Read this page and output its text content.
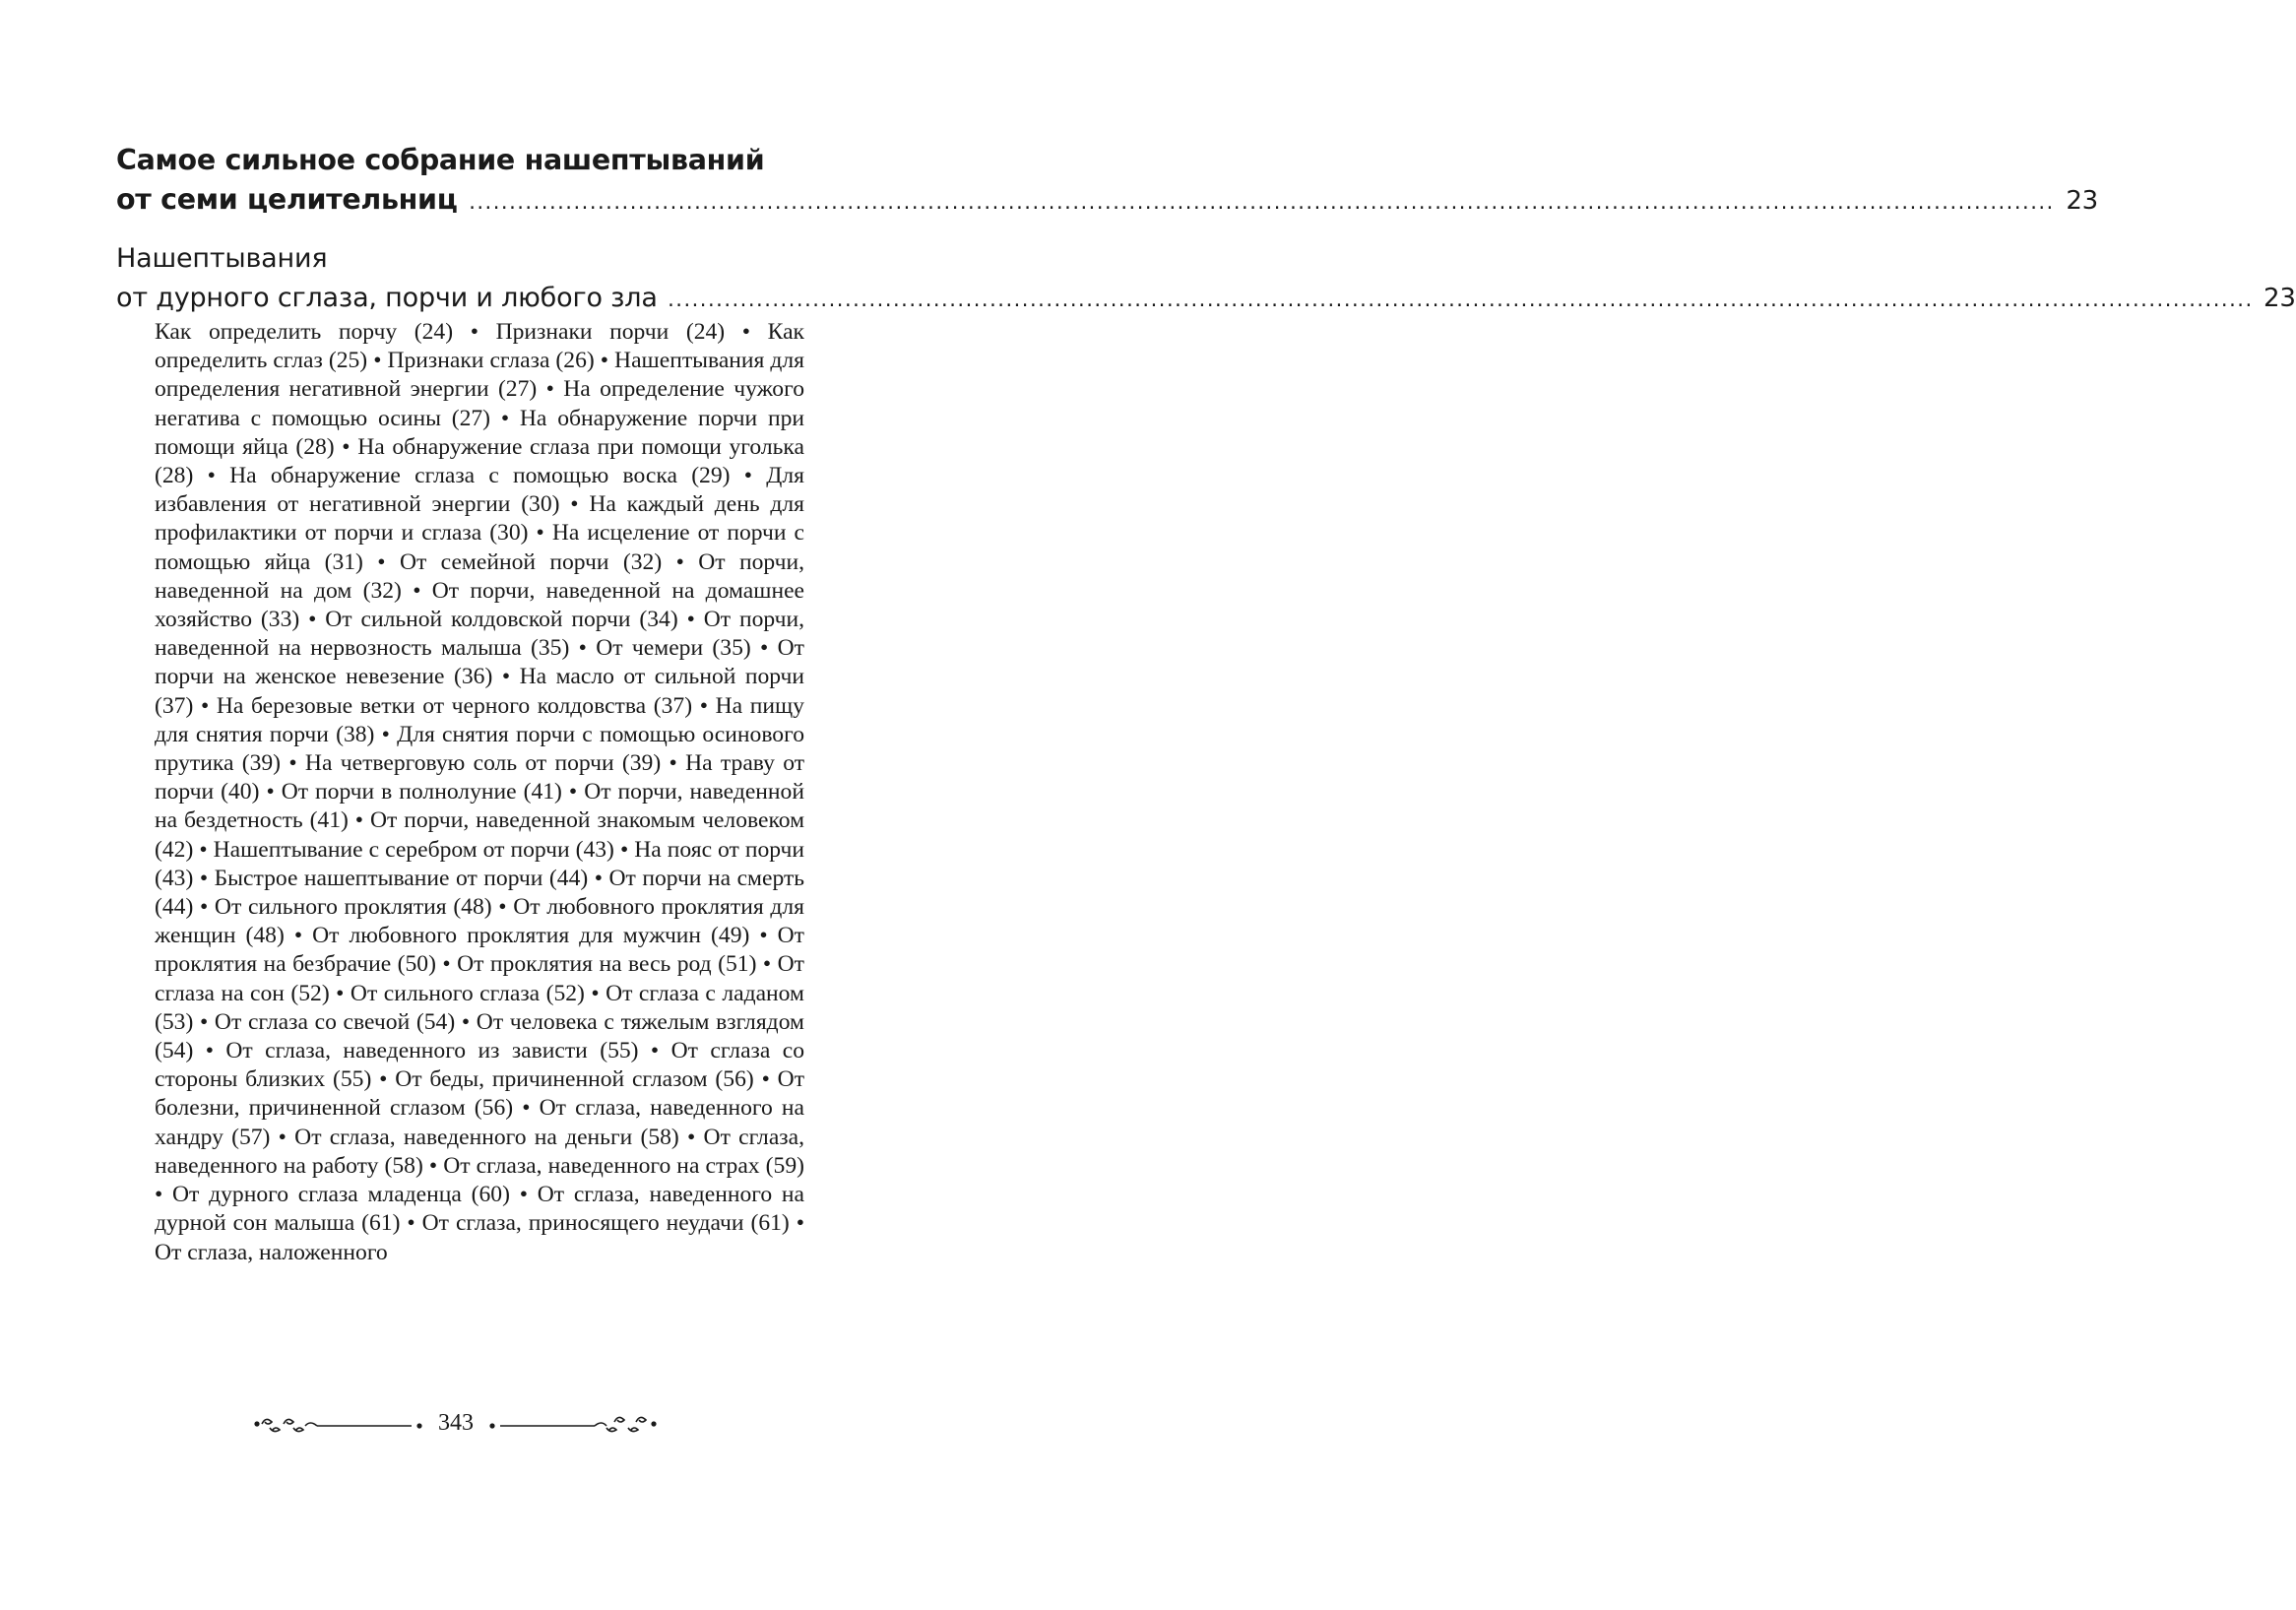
Самое сильное собрание нашептываний
от семи целительниц .....	23
Нашептывания
от дурного сглаза, порчи и любого зла .....	23
Как определить порчу (24) • Признаки порчи (24) • Как определить сглаз (25) • Признаки сглаза (26) • Нашептывания для определения негативной энергии (27) • На определение чужого негатива с помощью осины (27) • На обнаружение порчи при помощи яйца (28) • На обнаружение сглаза при помощи уголька (28) • На обнаружение сглаза с помощью воска (29) • Для избавления от негативной энергии (30) • На каждый день для профилактики от порчи и сглаза (30) • На исцеление от порчи с помощью яйца (31) • От семейной порчи (32) • От порчи, наведенной на дом (32) • От порчи, наведенной на домашнее хозяйство (33) • От сильной колдовской порчи (34) • От порчи, наведенной на нервозность малыша (35) • От чемери (35) • От порчи на женское невезение (36) • На масло от сильной порчи (37) • На березовые ветки от черного колдовства (37) • На пищу для снятия порчи (38) • Для снятия порчи с помощью осинового прутика (39) • На четверговую соль от порчи (39) • На траву от порчи (40) • От порчи в полнолуние (41) • От порчи, наведенной на бездетность (41) • От порчи, наведенной знакомым человеком (42) • Нашептывание с серебром от порчи (43) • На пояс от порчи (43) • Быстрое нашептывание от порчи (44) • От порчи на смерть (44) • От сильного проклятия (48) • От любовного проклятия для женщин (48) • От любовного проклятия для мужчин (49) • От проклятия на безбрачие (50) • От проклятия на весь род (51) • От сглаза на сон (52) • От сильного сглаза (52) • От сглаза с ладаном (53) • От сглаза со свечой (54) • От человека с тяжелым взглядом (54) • От сглаза, наведенного из зависти (55) • От сглаза со стороны близких (55) • От беды, причиненной сглазом (56) • От болезни, причиненной сглазом (56) • От сглаза, наведенного на хандру (57) • От сглаза, наведенного на деньги (58) • От сглаза, наведенного на работу (58) • От сглаза, наведенного на страх (59) • От дурного сглаза младенца (60) • От сглаза, наведенного на дурной сон малыша (61) • От сглаза, приносящего неудачи (61) • От сглаза, наложенного
343
